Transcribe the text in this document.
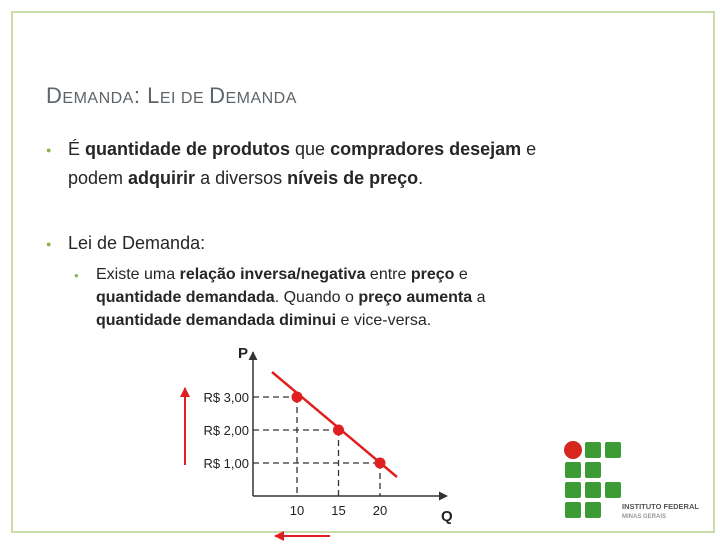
DEMANDA: LEI DE DEMANDA
● É quantidade de produtos que compradores desejam e
podem adquirir a diversos níveis de preço.
● Lei de Demanda:
● Existe uma relação inversa/negativa entre preço e
quantidade demandada. Quando o preço aumenta a
quantidade demandada diminui e vice-versa.
P
Q
R$ 3,00
R$ 2,00
R$ 1,00
10 15 20	INSTITUTO FEDERAL
MINAS GERAIS
